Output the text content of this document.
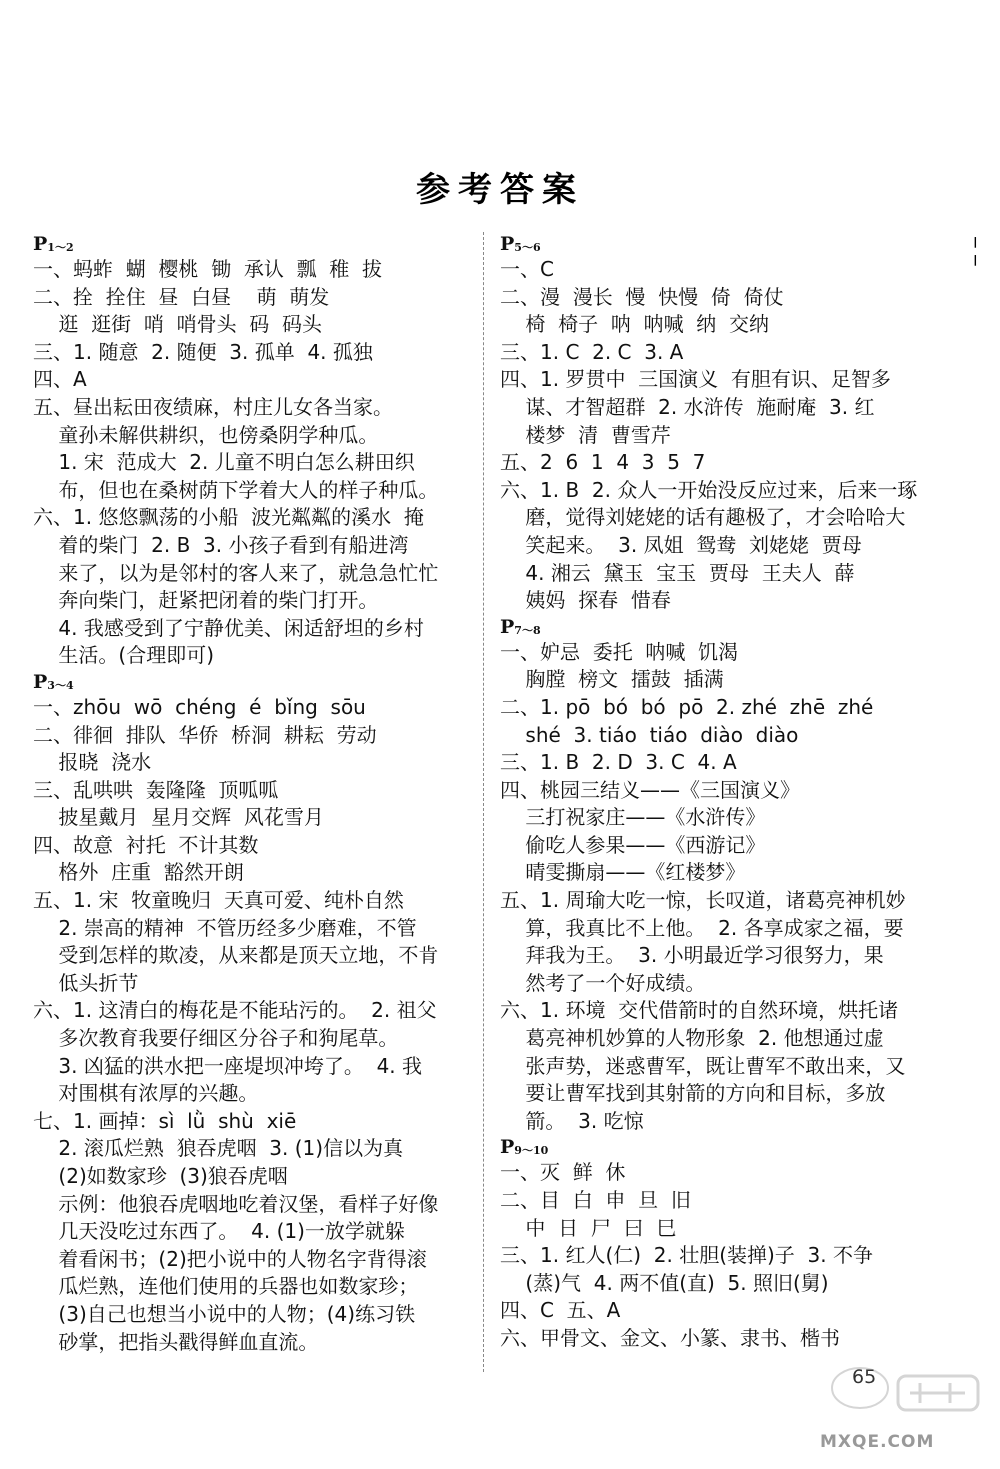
参考答案
╵
╵
$P_{1\sim 2}$
一、蚂蚱  蝴  樱桃  锄  承认  瓢  稚  拔
二、拴  拴住  昼  白昼    萌  萌发
逛  逛街  哨  哨骨头  码  码头
三、1. 随意  2. 随便  3. 孤单  4. 孤独
四、A
五、昼出耘田夜绩麻，村庄儿女各当家。
童孙未解供耕织，也傍桑阴学种瓜。
1. 宋  范成大  2. 儿童不明白怎么耕田织
布，但也在桑树荫下学着大人的样子种瓜。
六、1. 悠悠飘荡的小船  波光粼粼的溪水  掩
着的柴门  2. B  3. 小孩子看到有船进湾
来了，以为是邻村的客人来了，就急急忙忙
奔向柴门，赶紧把闭着的柴门打开。
4. 我感受到了宁静优美、闲适舒坦的乡村
生活。(合理即可)
$P_{3\sim 4}$
一、zhōu  wō  chéng  é  bǐng  sōu
二、徘徊  排队  华侨  桥洞  耕耘  劳动
报晓  浇水
三、乱哄哄  轰隆隆  顶呱呱
披星戴月  星月交辉  风花雪月
四、故意  衬托  不计其数
格外  庄重  豁然开朗
五、1. 宋  牧童晚归  天真可爱、纯朴自然
2. 崇高的精神  不管历经多少磨难，不管
受到怎样的欺凌，从来都是顶天立地，不肯
低头折节
六、1. 这清白的梅花是不能玷污的。  2. 祖父
多次教育我要仔细区分谷子和狗尾草。
3. 凶猛的洪水把一座堤坝冲垮了。  4. 我
对围棋有浓厚的兴趣。
七、1. 画掉：sì  lǜ  shù  xiē
2. 滚瓜烂熟  狼吞虎咽  3. (1)信以为真
(2)如数家珍  (3)狼吞虎咽
示例：他狼吞虎咽地吃着汉堡，看样子好像
几天没吃过东西了。  4. (1)一放学就躲
着看闲书；(2)把小说中的人物名字背得滚
瓜烂熟，连他们使用的兵器也如数家珍；
(3)自己也想当小说中的人物；(4)练习铁
砂掌，把指头戳得鲜血直流。
$P_{5\sim 6}$
一、C
二、漫  漫长  慢  快慢  倚  倚仗
椅  椅子  呐  呐喊  纳  交纳
三、1. C  2. C  3. A
四、1. 罗贯中  三国演义  有胆有识、足智多
谋、才智超群  2. 水浒传  施耐庵  3. 红
楼梦  清  曹雪芹
五、2  6  1  4  3  5  7
六、1. B  2. 众人一开始没反应过来，后来一琢
磨，觉得刘姥姥的话有趣极了，才会哈哈大
笑起来。  3. 凤姐  鸳鸯  刘姥姥  贾母
4. 湘云  黛玉  宝玉  贾母  王夫人  薛
姨妈  探春  惜春
$P_{7\sim 8}$
一、妒忌  委托  呐喊  饥渴
胸膛  榜文  擂鼓  插满
二、1. pō  bó  bó  pō  2. zhé  zhē  zhé
shé  3. tiáo  tiáo  diào  diào
三、1. B  2. D  3. C  4. A
四、桃园三结义——《三国演义》
三打祝家庄——《水浒传》
偷吃人参果——《西游记》
晴雯撕扇——《红楼梦》
五、1. 周瑜大吃一惊，长叹道，诸葛亮神机妙
算，我真比不上他。  2. 各享成家之福，要
拜我为王。  3. 小明最近学习很努力，果
然考了一个好成绩。
六、1. 环境  交代借箭时的自然环境，烘托诸
葛亮神机妙算的人物形象  2. 他想通过虚
张声势，迷惑曹军，既让曹军不敢出来，又
要让曹军找到其射箭的方向和目标，多放
箭。  3. 吃惊
$P_{9\sim 10}$
一、灭  鲜  休
二、目  白  申  旦  旧
中  日  尸  曰  巳
三、1. 红人(仁)  2. 壮胆(装掸)子  3. 不争
(蒸)气  4. 两不值(直)  5. 照旧(舅)
四、C  五、A
六、甲骨文、金文、小篆、隶书、楷书
65
MXQE.COM
